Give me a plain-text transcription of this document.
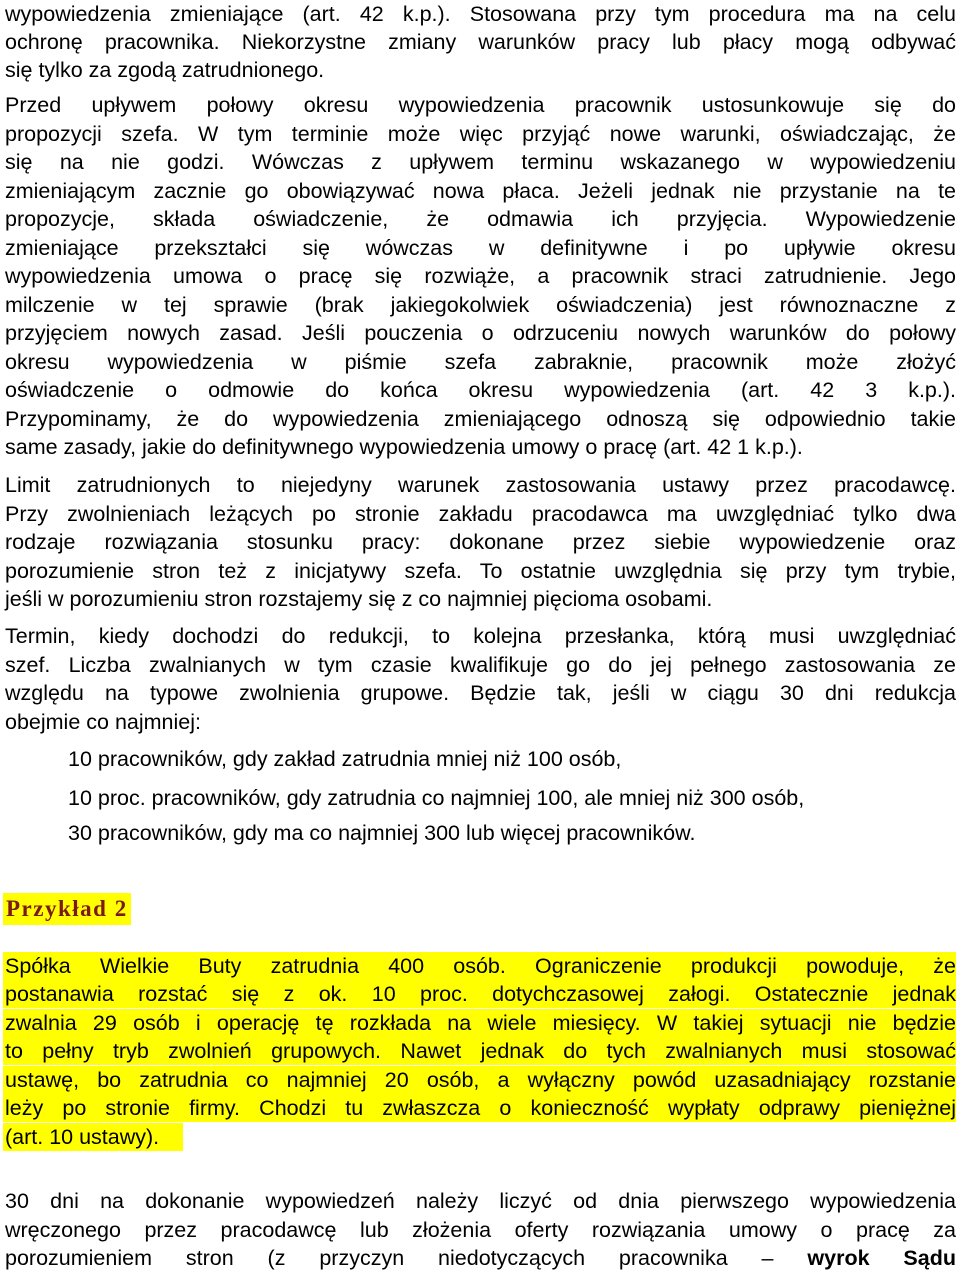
wypowiedzenia zmieniające (art. 42 k.p.). Stosowana przy tym procedura ma na celu
ochronę pracownika. Niekorzystne zmiany warunków pracy lub płacy mogą odbywać
się tylko za zgodą zatrudnionego.
Przed upływem połowy okresu wypowiedzenia pracownik ustosunkowuje się do
propozycji szefa. W tym terminie może więc przyjąć nowe warunki, oświadczając, że
się na nie godzi. Wówczas z upływem terminu wskazanego w wypowiedzeniu
zmieniającym zacznie go obowiązywać nowa płaca. Jeżeli jednak nie przystanie na te
propozycje, składa oświadczenie, że odmawia ich przyjęcia. Wypowiedzenie
zmieniające przekształci się wówczas w definitywne i po upływie okresu
wypowiedzenia umowa o pracę się rozwiąże, a pracownik straci zatrudnienie. Jego
milczenie w tej sprawie (brak jakiegokolwiek oświadczenia) jest równoznaczne z
przyjęciem nowych zasad. Jeśli pouczenia o odrzuceniu nowych warunków do połowy
okresu wypowiedzenia w piśmie szefa zabraknie, pracownik może złożyć
oświadczenie o odmowie do końca okresu wypowiedzenia (art. 42 3 k.p.).
Przypominamy, że do wypowiedzenia zmieniającego odnoszą się odpowiednio takie
same zasady, jakie do definitywnego wypowiedzenia umowy o pracę (art. 42 1 k.p.).
Limit zatrudnionych to niejedyny warunek zastosowania ustawy przez pracodawcę.
Przy zwolnieniach leżących po stronie zakładu pracodawca ma uwzględniać tylko dwa
rodzaje rozwiązania stosunku pracy: dokonane przez siebie wypowiedzenie oraz
porozumienie stron też z inicjatywy szefa. To ostatnie uwzględnia się przy tym trybie,
jeśli w porozumieniu stron rozstajemy się z co najmniej pięcioma osobami.
Termin, kiedy dochodzi do redukcji, to kolejna przesłanka, którą musi uwzględniać
szef. Liczba zwalnianych w tym czasie kwalifikuje go do jej pełnego zastosowania ze
względu na typowe zwolnienia grupowe. Będzie tak, jeśli w ciągu 30 dni redukcja
obejmie co najmniej:
10 pracowników, gdy zakład zatrudnia mniej niż 100 osób,
10 proc. pracowników, gdy zatrudnia co najmniej 100, ale mniej niż 300 osób,
30 pracowników, gdy ma co najmniej 300 lub więcej pracowników.
Przykład 2
Spółka Wielkie Buty zatrudnia 400 osób. Ograniczenie produkcji powoduje, że
postanawia rozstać się z ok. 10 proc. dotychczasowej załogi. Ostatecznie jednak
zwalnia 29 osób i operację tę rozkłada na wiele miesięcy. W takiej sytuacji nie będzie
to pełny tryb zwolnień grupowych. Nawet jednak do tych zwalnianych musi stosować
ustawę, bo zatrudnia co najmniej 20 osób, a wyłączny powód uzasadniający rozstanie
leży po stronie firmy. Chodzi tu zwłaszcza o konieczność wypłaty odprawy pieniężnej
(art. 10 ustawy).
30 dni na dokonanie wypowiedzeń należy liczyć od dnia pierwszego wypowiedzenia
wręczonego przez pracodawcę lub złożenia oferty rozwiązania umowy o pracę za
porozumieniem stron (z przyczyn niedotyczących pracownika – wyrok Sądu
